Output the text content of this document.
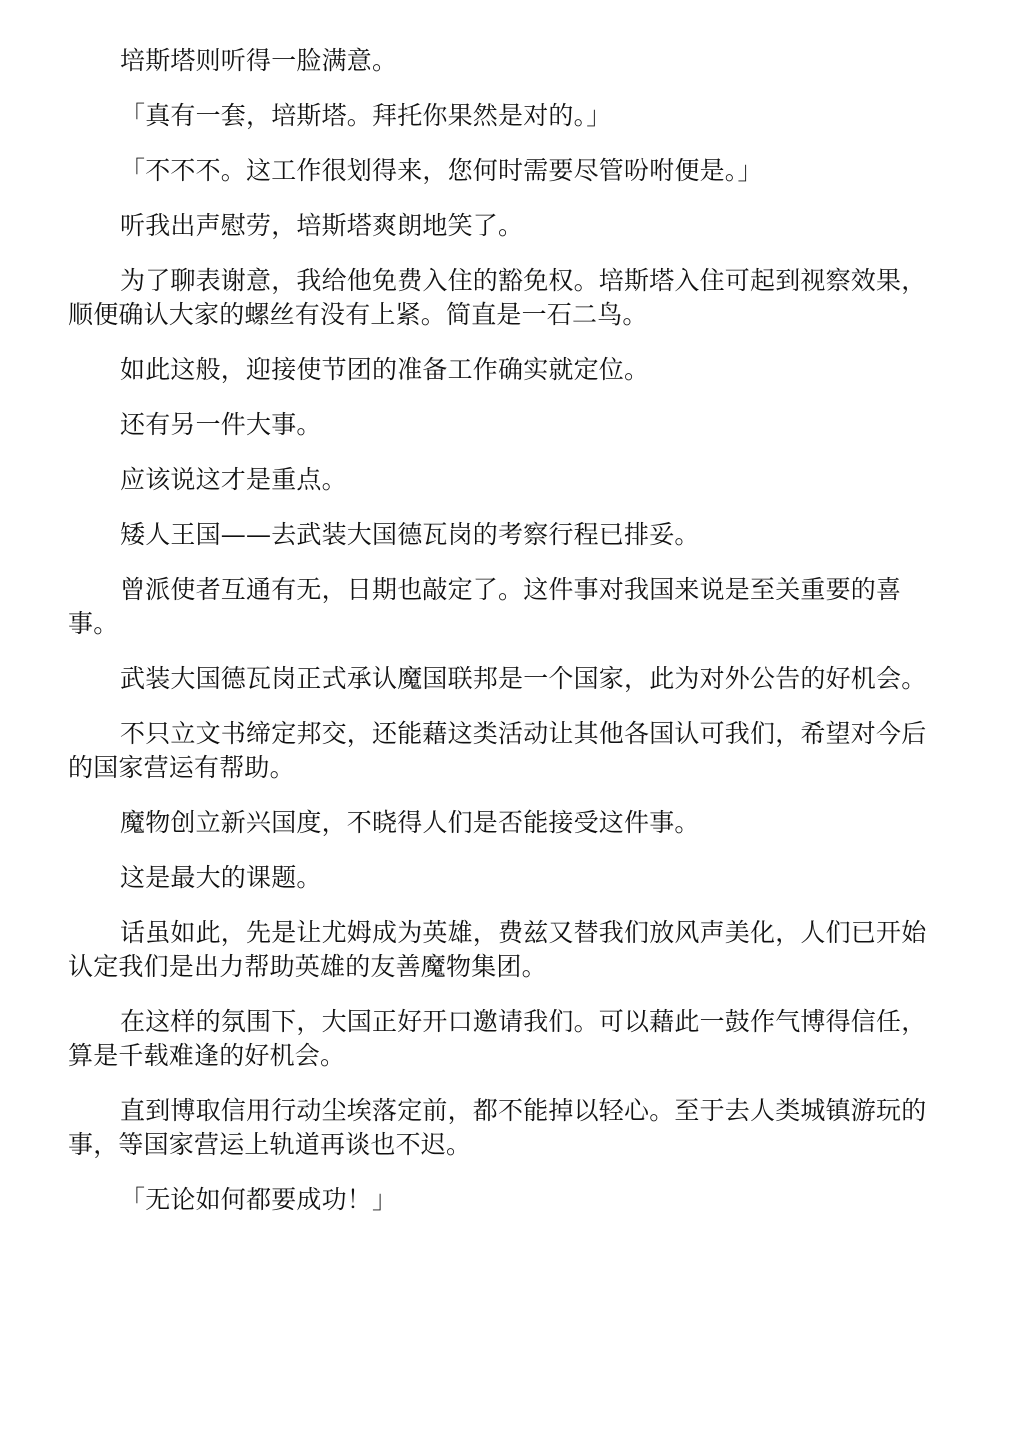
培斯塔则听得一脸满意。

「真有一套，培斯塔。拜托你果然是对的。」

「不不不。这工作很划得来，您何时需要尽管吩咐便是。」

听我出声慰劳，培斯塔爽朗地笑了。

为了聊表谢意，我给他免费入住的豁免权。培斯塔入住可起到视察效果，顺便确认大家的螺丝有没有上紧。简直是一石二鸟。

如此这般，迎接使节团的准备工作确实就定位。

还有另一件大事。

应该说这才是重点。

矮人王国——去武装大国德瓦岗的考察行程已排妥。

曾派使者互通有无，日期也敲定了。这件事对我国来说是至关重要的喜事。

武装大国德瓦岗正式承认魔国联邦是一个国家，此为对外公告的好机会。

不只立文书缔定邦交，还能藉这类活动让其他各国认可我们，希望对今后的国家营运有帮助。

魔物创立新兴国度，不晓得人们是否能接受这件事。

这是最大的课题。

话虽如此，先是让尤姆成为英雄，费兹又替我们放风声美化，人们已开始认定我们是出力帮助英雄的友善魔物集团。

在这样的氛围下，大国正好开口邀请我们。可以藉此一鼓作气博得信任，算是千载难逢的好机会。

直到博取信用行动尘埃落定前，都不能掉以轻心。至于去人类城镇游玩的事，等国家营运上轨道再谈也不迟。

「无论如何都要成功！」
